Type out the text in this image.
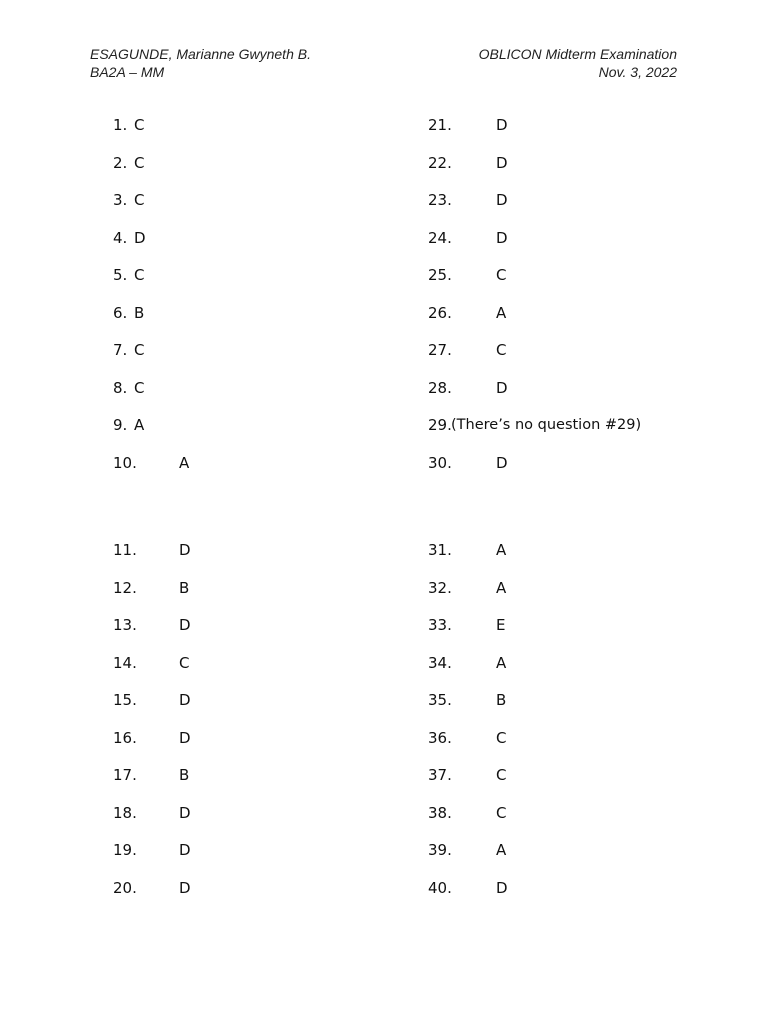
ESAGUNDE, Marianne Gwyneth B.
BA2A – MM
OBLICON Midterm Examination
Nov. 3, 2022
1. C
2. C
3. C
4. D
5. C
6. B
7. C
8. C
9. A
10.	A
11.	D
12.	B
13.	D
14.	C
15.	D
16.	D
17.	B
18.	D
19.	D
20.	D
21.	D
22.	D
23.	D
24.	D
25.	C
26.	A
27.	C
28.	D
29. (There’s no question #29)
30.	D
31.	A
32.	A
33.	E
34.	A
35.	B
36.	C
37.	C
38.	C
39.	A
40.	D
